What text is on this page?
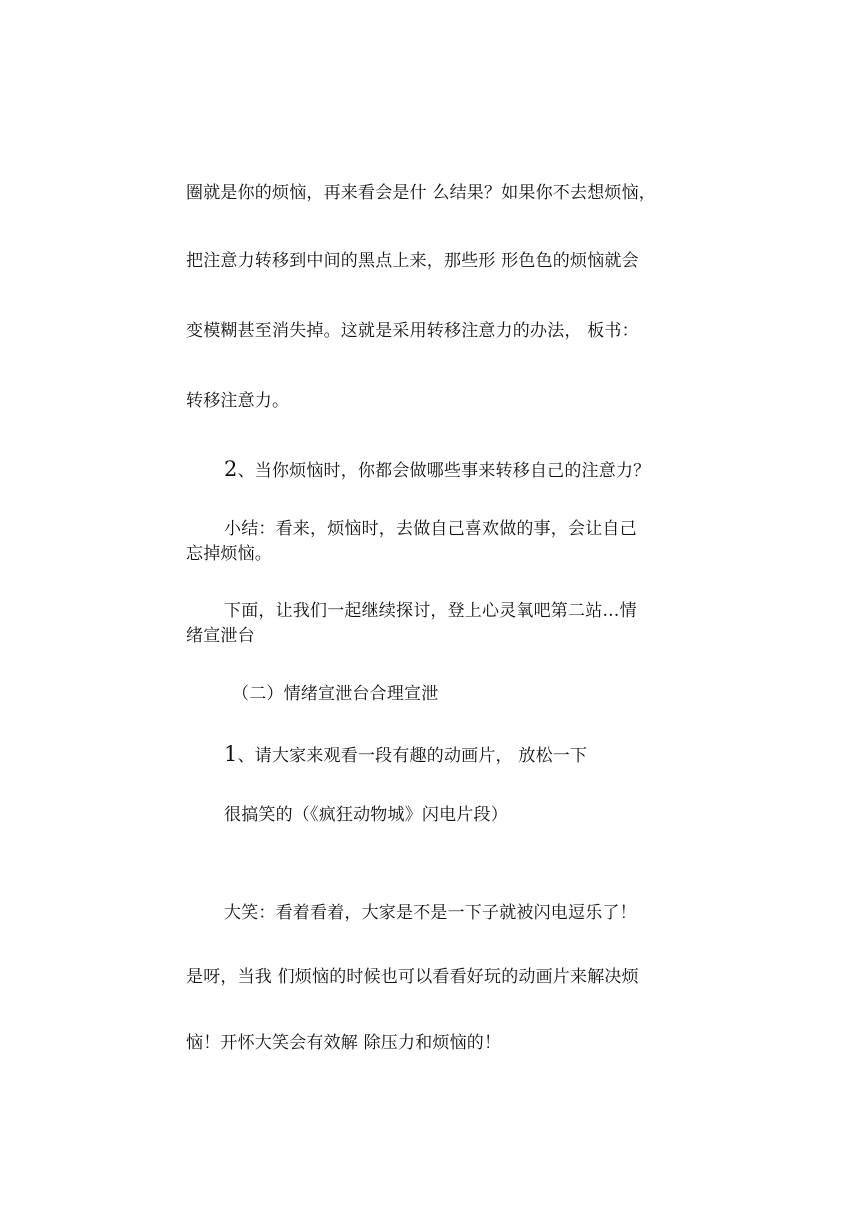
圈就是你的烦恼，再来看会是什 么结果？如果你不去想烦恼，
把注意力转移到中间的黑点上来，那些形 形色色的烦恼就会
变模糊甚至消失掉。这就是采用转移注意力的办法， 板书：
转移注意力。
2、当你烦恼时，你都会做哪些事来转移自己的注意力？
小结：看来，烦恼时，去做自己喜欢做的事，会让自己
忘掉烦恼。
下面，让我们一起继续探讨，登上心灵氧吧第二站…情
绪宣泄台
（二）情绪宣泄台合理宣泄
1、请大家来观看一段有趣的动画片， 放松一下
很搞笑的（《疯狂动物城》闪电片段）
大笑：看着看着，大家是不是一下子就被闪电逗乐了！
是呀，当我 们烦恼的时候也可以看看好玩的动画片来解决烦
恼！开怀大笑会有效解 除压力和烦恼的！
